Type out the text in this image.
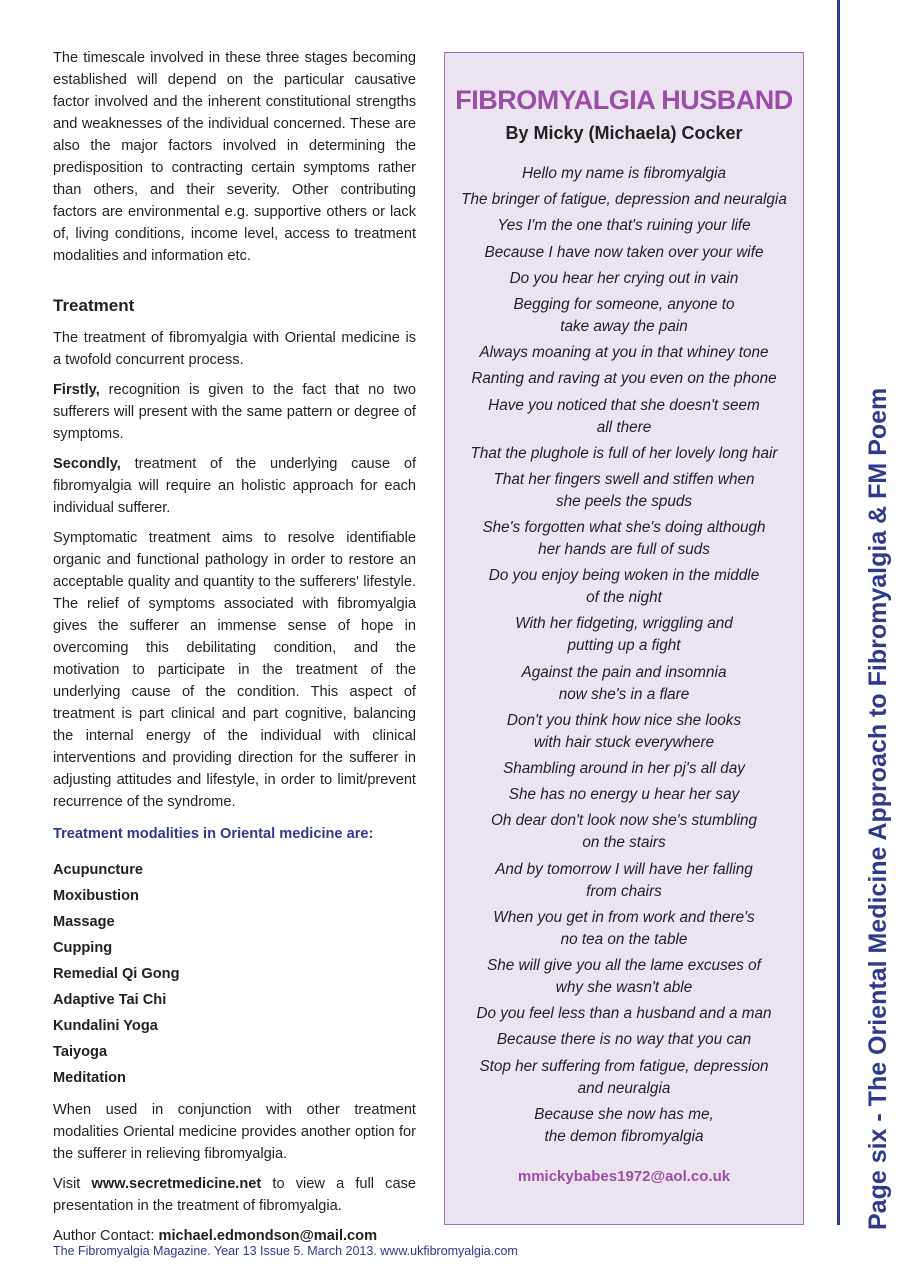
The timescale involved in these three stages becoming established will depend on the particular causative factor involved and the inherent constitutional strengths and weaknesses of the individual concerned. These are also the major factors involved in determining the predisposition to contracting certain symptoms rather than others, and their severity. Other contributing factors are environmental e.g. supportive others or lack of, living conditions, income level, access to treatment modalities and information etc.

Treatment

The treatment of fibromyalgia with Oriental medicine is a twofold concurrent process.

Firstly, recognition is given to the fact that no two sufferers will present with the same pattern or degree of symptoms.

Secondly, treatment of the underlying cause of fibromyalgia will require an holistic approach for each individual sufferer.

Symptomatic treatment aims to resolve identifiable organic and functional pathology in order to restore an acceptable quality and quantity to the sufferers' lifestyle. The relief of symptoms associated with fibromyalgia gives the sufferer an immense sense of hope in overcoming this debilitating condition, and the motivation to participate in the treatment of the underlying cause of the condition. This aspect of treatment is part clinical and part cognitive, balancing the internal energy of the individual with clinical interventions and providing direction for the sufferer in adjusting attitudes and lifestyle, in order to limit/prevent recurrence of the syndrome.

Treatment modalities in Oriental medicine are:
Acupuncture
Moxibustion
Massage
Cupping
Remedial Qi Gong
Adaptive Tai Chi
Kundalini Yoga
Taiyoga
Meditation

When used in conjunction with other treatment modalities Oriental medicine provides another option for the sufferer in relieving fibromyalgia.

Visit www.secretmedicine.net to view a full case presentation in the treatment of fibromyalgia.

Author Contact: michael.edmondson@mail.com

FIBROMYALGIA HUSBAND
By Micky (Michaela) Cocker
Hello my name is fibromyalgia
The bringer of fatigue, depression and neuralgia
Yes I'm the one that's ruining your life
Because I have now taken over your wife
Do you hear her crying out in vain
Begging for someone, anyone to
take away the pain
Always moaning at you in that whiney tone
Ranting and raving at you even on the phone
Have you noticed that she doesn't seem
all there
That the plughole is full of her lovely long hair
That her fingers swell and stiffen when
she peels the spuds
She's forgotten what she's doing although
her hands are full of suds
Do you enjoy being woken in the middle
of the night
With her fidgeting, wriggling and
putting up a fight
Against the pain and insomnia
now she's in a flare
Don't you think how nice she looks
with hair stuck everywhere
Shambling around in her pj's all day
She has no energy u hear her say
Oh dear don't look now she's stumbling
on the stairs
And by tomorrow I will have her falling
from chairs
When you get in from work and there's
no tea on the table
She will give you all the lame excuses of
why she wasn't able
Do you feel less than a husband and a man
Because there is no way that you can
Stop her suffering from fatigue, depression
and neuralgia
Because she now has me,
the demon fibromyalgia
mmickybabes1972@aol.co.uk	Page six - The Oriental Medicine Approach to Fibromyalgia & FM Poem
The Fibromyalgia Magazine. Year 13 Issue 5. March 2013. www.ukfibromyalgia.com
